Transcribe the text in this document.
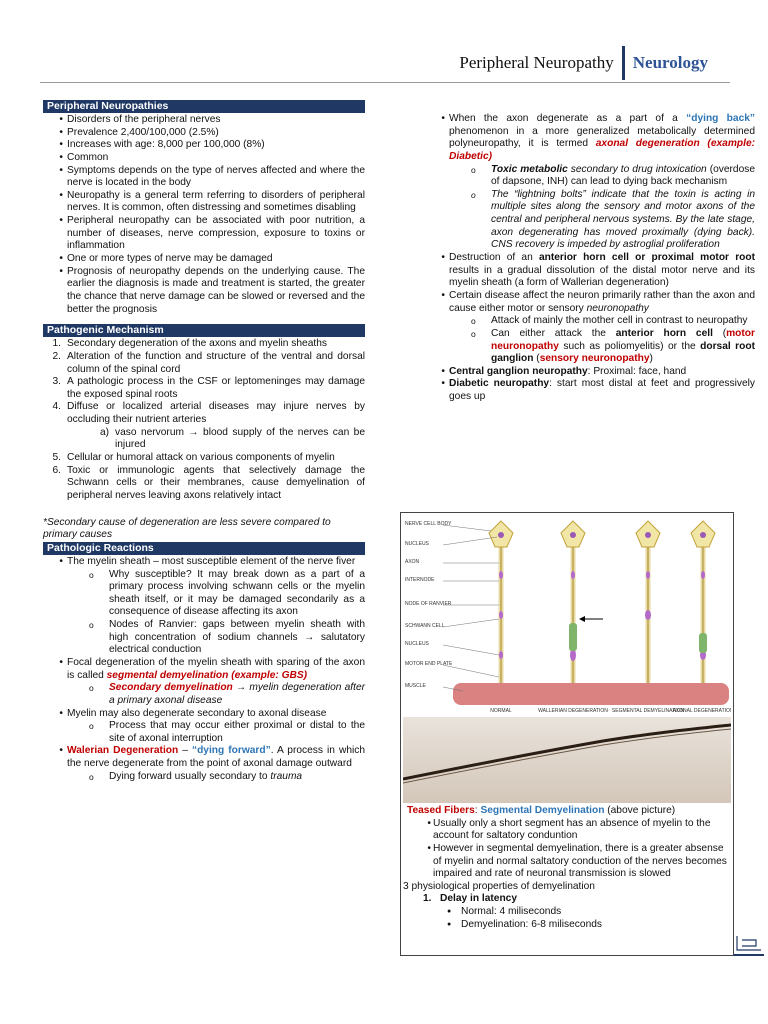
Peripheral Neuropathy	Neurology
Peripheral Neuropathies
• Disorders of the peripheral nerves
• Prevalence 2,400/100,000 (2.5%)
• Increases with age: 8,000 per 100,000 (8%)
• Common
• Symptoms depends on the type of nerves affected and where the nerve is located in the body
• Neuropathy is a general term referring to disorders of peripheral nerves. It is common, often distressing and sometimes disabling
• Peripheral neuropathy can be associated with poor nutrition, a number of diseases, nerve compression, exposure to toxins or inflammation
• One or more types of nerve may be damaged
• Prognosis of neuropathy depends on the underlying cause. The earlier the diagnosis is made and treatment is started, the greater the chance that nerve damage can be slowed or reversed and the better the prognosis
Pathogenic Mechanism
1. Secondary degeneration of the axons and myelin sheaths
2. Alteration of the function and structure of the ventral and dorsal column of the spinal cord
3. A pathologic process in the CSF or leptomeninges may damage the exposed spinal roots
4. Diffuse or localized arterial diseases may injure nerves by occluding their nutrient arteries
a) vaso nervorum → blood supply of the nerves can be injured
5. Cellular or humoral attack on various components of myelin
6. Toxic or immunologic agents that selectively damage the Schwann cells or their membranes, cause demyelination of peripheral nerves leaving axons relatively intact
*Secondary cause of degeneration are less severe compared to primary causes
Pathologic Reactions
• The myelin sheath – most susceptible element of the nerve fiver
o Why susceptible? It may break down as a part of a primary process involving schwann cells or the myelin sheath itself, or it may be damaged secondarily as a consequence of disease affecting its axon
o Nodes of Ranvier: gaps between myelin sheath with high concentration of sodium channels → salutatory electrical conduction
• Focal degeneration of the myelin sheath with sparing of the axon is called segmental demyelination (example: GBS)
o Secondary demyelination → myelin degeneration after a primary axonal disease
• Myelin may also degenerate secondary to axonal disease
o Process that may occur either proximal or distal to the site of axonal interruption
• Walerian Degeneration – “dying forward”. A process in which the nerve degenerate from the point of axonal damage outward
o Dying forward usually secondary to trauma
• When the axon degenerate as a part of a “dying back” phenomenon in a more generalized metabolically determined polyneuropathy, it is termed axonal degeneration (example: Diabetic)
o Toxic metabolic secondary to drug intoxication (overdose of dapsone, INH) can lead to dying back mechanism
o The “lightning bolts” indicate that the toxin is acting in multiple sites along the sensory and motor axons of the central and peripheral nervous systems. By the late stage, axon degenerating has moved proximally (dying back). CNS recovery is impeded by astroglial proliferation
• Destruction of an anterior horn cell or proximal motor root results in a gradual dissolution of the distal motor nerve and its myelin sheath (a form of Wallerian degeneration)
• Certain disease affect the neuron primarily rather than the axon and cause either motor or sensory neuronopathy
o Attack of mainly the mother cell in contrast to neuropathy
o Can either attack the anterior horn cell (motor neuronopathy such as poliomyelitis) or the dorsal root ganglion (sensory neuronopathy)
• Central ganglion neuropathy: Proximal: face, hand
• Diabetic neuropathy: start most distal at feet and progressively goes up
NERVE CELL BODY
NUCLEUS
AXON
INTERNODE
NODE OF RANVIER
SCHWANN CELL
NUCLEUS
MOTOR END PLATE
MUSCLE
NORMAL	WALLERIAN DEGENERATION SEGMENTAL DEMYELINATION
AXONAL DEGENERATION
Teased Fibers: Segmental Demyelination (above picture)
• Usually only a short segment has an absence of myelin to the account for saltatory conduntion
• However in segmental demyelination, there is a greater absense of myelin and normal saltatory conduction of the nerves becomes impaired and rate of neuronal transmission is slowed
3 physiological properties of demyelination
1. Delay in latency
● Normal: 4 miliseconds
● Demyelination: 6-8 miliseconds
